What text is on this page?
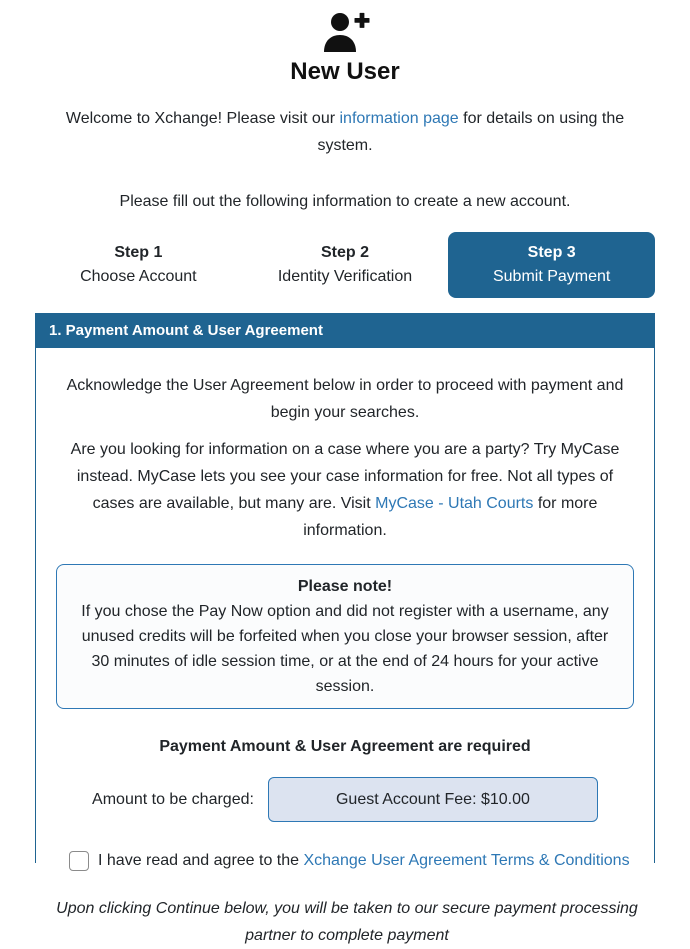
New User

Welcome to Xchange! Please visit our information page for details on using the system.

Please fill out the following information to create a new account.

Step 1
Choose Account
Step 2
Identity Verification
Step 3
Submit Payment
1. Payment Amount & User Agreement

Acknowledge the User Agreement below in order to proceed with payment and begin your searches.

Are you looking for information on a case where you are a party? Try MyCase instead. MyCase lets you see your case information for free. Not all types of cases are available, but many are. Visit MyCase - Utah Courts for more information.

Please note!
If you chose the Pay Now option and did not register with a username, any unused credits will be forfeited when you close your browser session, after 30 minutes of idle session time, or at the end of 24 hours for your active session.
Payment Amount & User Agreement are required
Amount to be charged:	Guest Account Fee: $10.00
I have read and agree to the Xchange User Agreement Terms & Conditions
Upon clicking Continue below, you will be taken to our secure payment processing partner to complete payment
